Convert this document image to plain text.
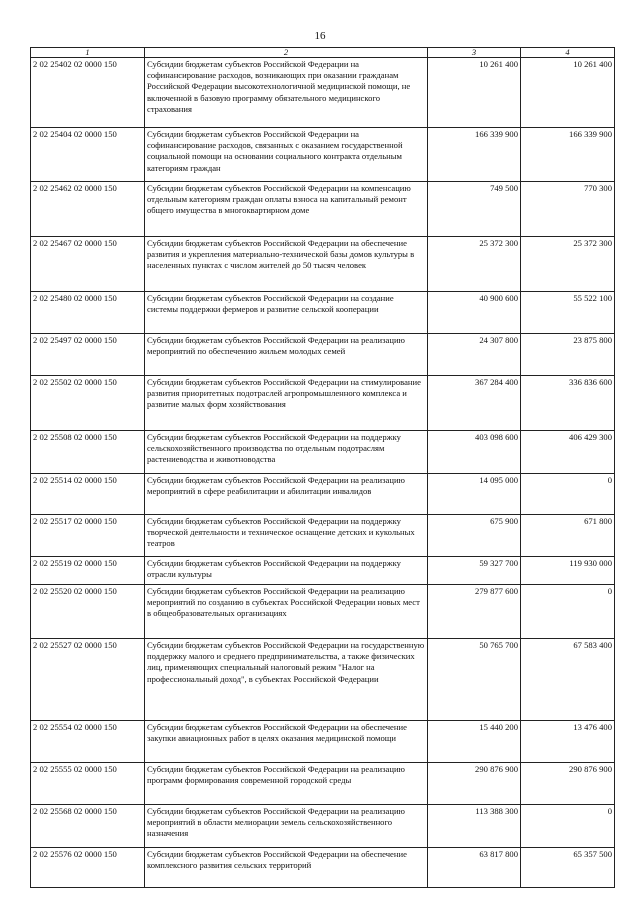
16
1	2	3	4
2 02 25402 02 0000 150	Субсидии бюджетам субъектов Российской Федерации на софинансирование расходов, возникающих при оказании гражданам Российской Федерации высокотехнологичной медицинской помощи, не включенной в базовую программу обязательного медицинского страхования	10 261 400	10 261 400
2 02 25404 02 0000 150	Субсидии бюджетам субъектов Российской Федерации на софинансирование расходов, связанных с оказанием государственной социальной помощи на основании социального контракта отдельным категориям граждан	166 339 900	166 339 900
2 02 25462 02 0000 150	Субсидии бюджетам субъектов Российской Федерации на компенсацию отдельным категориям граждан оплаты взноса на капитальный ремонт общего имущества в многоквартирном доме	749 500	770 300
2 02 25467 02 0000 150	Субсидии бюджетам субъектов Российской Федерации на обеспечение развития и укрепления материально-технической базы домов культуры в населенных пунктах с числом жителей до 50 тысяч человек	25 372 300	25 372 300
2 02 25480 02 0000 150	Субсидии бюджетам субъектов Российской Федерации на создание системы поддержки фермеров и развитие сельской кооперации	40 900 600	55 522 100
2 02 25497 02 0000 150	Субсидии бюджетам субъектов Российской Федерации на реализацию мероприятий по обеспечению жильем молодых семей	24 307 800	23 875 800
2 02 25502 02 0000 150	Субсидии бюджетам субъектов Российской Федерации на стимулирование развития приоритетных подотраслей агропромышленного комплекса и развитие малых форм хозяйствования	367 284 400	336 836 600
2 02 25508 02 0000 150	Субсидии бюджетам субъектов Российской Федерации на поддержку сельскохозяйственного производства по отдельным подотраслям растениеводства и животноводства	403 098 600	406 429 300
2 02 25514 02 0000 150	Субсидии бюджетам субъектов Российской Федерации на реализацию мероприятий в сфере реабилитации и абилитации инвалидов	14 095 000	0
2 02 25517 02 0000 150	Субсидии бюджетам субъектов Российской Федерации на поддержку творческой деятельности и техническое оснащение детских и кукольных театров	675 900	671 800
2 02 25519 02 0000 150	Субсидии бюджетам субъектов Российской Федерации на поддержку отрасли культуры	59 327 700	119 930 000
2 02 25520 02 0000 150	Субсидии бюджетам субъектов Российской Федерации на реализацию мероприятий по созданию в субъектах Российской Федерации новых мест в общеобразовательных организациях	279 877 600	0
2 02 25527 02 0000 150	Субсидии бюджетам субъектов Российской Федерации на государственную поддержку малого и среднего предпринимательства, а также физических лиц, применяющих специальный налоговый режим "Налог на профессиональный доход", в субъектах Российской Федерации	50 765 700	67 583 400
2 02 25554 02 0000 150	Субсидии бюджетам субъектов Российской Федерации на обеспечение закупки авиационных работ в целях оказания медицинской помощи	15 440 200	13 476 400
2 02 25555 02 0000 150	Субсидии бюджетам субъектов Российской Федерации на реализацию программ формирования современной городской среды	290 876 900	290 876 900
2 02 25568 02 0000 150	Субсидии бюджетам субъектов Российской Федерации на реализацию мероприятий в области мелиорации земель сельскохозяйственного назначения	113 388 300	0
2 02 25576 02 0000 150	Субсидии бюджетам субъектов Российской Федерации на обеспечение комплексного развития сельских территорий	63 817 800	65 357 500
